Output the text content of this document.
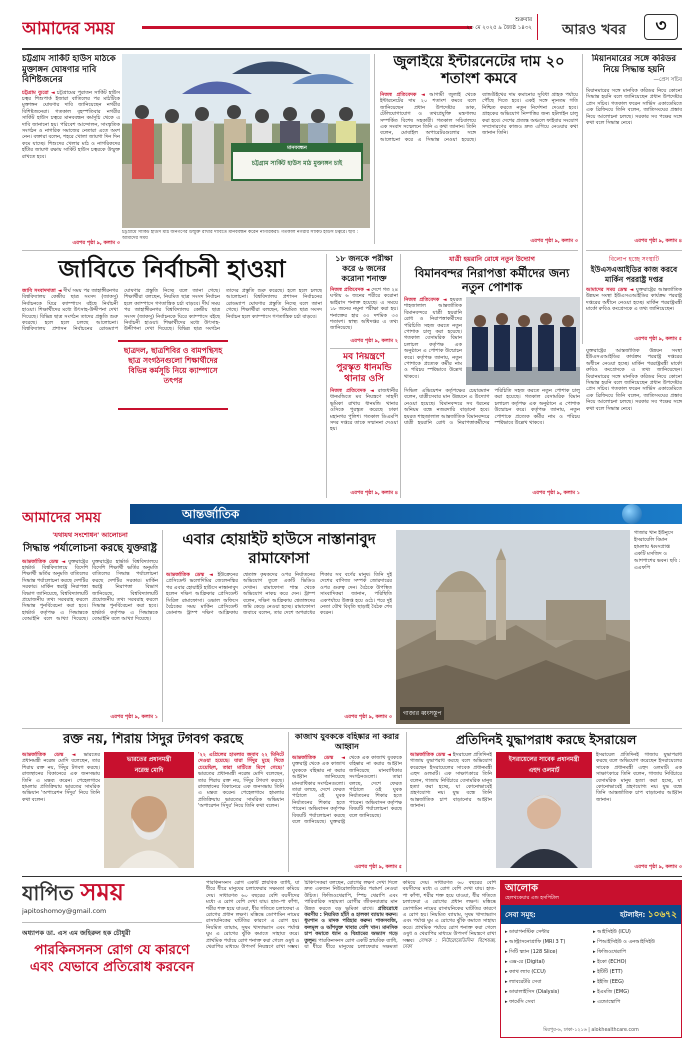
আমাদের সময়	শুক্রবার
২৩ মে ২০২৫ ৯ জ্যৈষ্ঠ ১৪৩২ আরও খবর	৩
চট্টগ্রাম সার্কিট হাউস মাঠকে মুক্তাঙ্গন ঘোষণার দাবি বিশিষ্টজনের
চট্টগ্রাম ব্যুরো ◄ চট্টগ্রামের পুরাতন সার্কিট হাউস চত্বর শিশুপার্ক ইজারা বাতিলের পর মাঠটিকে মুক্তাঙ্গন ঘোষণার দাবি জানিয়েছেন নগরীর বিশিষ্টজনেরা। গতকাল বৃহস্পতিবার নগরীর সার্কিট হাউস চত্বরে মানববন্ধন কর্মসূচি থেকে এ দাবি জানানো হয়। পরিবেশ আন্দোলন, সাংস্কৃতিক সংগঠন ও নাগরিক সমাজের নেতারা এতে অংশ নেন। বক্তারা বলেন, শহরে খোলা জায়গা দিন দিন কমে যাচ্ছে। শিশুদের খেলার মাঠ ও নাগরিকদের হাঁটার জায়গা রক্ষায় সার্কিট হাউস চত্বরকে উন্মুক্ত রাখতে হবে।
এরপর পৃষ্ঠা ৯, কলাম ৩
মানববন্ধন
চট্টগ্রাম সার্কিট হাউস মাঠ মুক্তাঙ্গন চাই
চট্টগ্রামে সার্কিট হাউস মাঠ জনগণের উন্মুক্ত রাখার দাবিতে মানববন্ধন করেন নাগরিকরা। গতকাল নগরীর সার্কিট হাউস চত্বরে। ছবি : আমাদের সময়
জুলাইয়ে ইন্টারনেটের দাম ২০ শতাংশ কমবে
নিজস্ব প্রতিবেদক ◄ আগামী জুলাই থেকে ইন্টারনেটের দাম ২০ শতাংশ কমবে বলে জানিয়েছেন প্রধান উপদেষ্টার ডাক, টেলিযোগাযোগ ও তথ্যপ্রযুক্তি মন্ত্রণালয় সম্পর্কিত বিশেষ সহকারী। গতকাল সচিবালয়ে এক সংবাদ সম্মেলনে তিনি এ কথা জানান। তিনি বলেন, মোবাইল অপারেটরগুলোর সঙ্গে আলোচনা করে এ সিদ্ধান্ত নেওয়া হয়েছে। ব্যান্ডউইথের দাম কমানোর সুবিধা গ্রাহক পর্যায়ে পৌঁছে দিতে হবে। একই সঙ্গে ন্যূনতম গতি নিশ্চিত করতে নতুন নির্দেশনা দেওয়া হবে। গ্রাহকের অভিযোগ নিষ্পত্তির জন্য হটলাইন চালু করা হবে। দেশের প্রত্যন্ত অঞ্চলে ফাইবার সংযোগ সম্প্রসারণের কাজও দ্রুত এগিয়ে নেওয়ার কথা জানান তিনি।
এরপর পৃষ্ঠা ৯, কলাম ৩
মিয়ানমারের সঙ্গে করিডর নিয়ে সিদ্ধান্ত হয়নি
—প্রেস সচিব
মিয়ানমারের সঙ্গে মানবিক করিডর নিয়ে কোনো সিদ্ধান্ত হয়নি বলে জানিয়েছেন প্রধান উপদেষ্টার প্রেস সচিব। গতকাল ফরেন সার্ভিস একাডেমিতে এক ব্রিফিংয়ে তিনি বলেন, জাতিসংঘের প্রস্তাব নিয়ে আলোচনা চলছে। সরকার সব পক্ষের সঙ্গে কথা বলে সিদ্ধান্ত নেবে।
এরপর পৃষ্ঠা ৯, কলাম ৪
বিলোপ হচ্ছে সংস্থাটি
ইউএসএআইডির কাজ করবে মার্কিন পররাষ্ট্র দপ্তর
আমাদের সময় ডেস্ক ◄ যুক্তরাষ্ট্রের আন্তর্জাতিক উন্নয়ন সংস্থা ইউএসএআইডির কার্যক্রম পররাষ্ট্র দপ্তরের অধীনে নেওয়া হচ্ছে। মার্কিন পররাষ্ট্রমন্ত্রী মার্কো রুবিও কংগ্রেসকে এ তথ্য জানিয়েছেন।
এরপর পৃষ্ঠা ৯, কলাম ৫
জাবিতে নির্বাচনী হাওয়া
জাবি সংবাদদাতা ◄ দীর্ঘ সময় পর জাহাঙ্গীরনগর বিশ্ববিদ্যালয় কেন্দ্রীয় ছাত্র সংসদ (জাকসু) নির্বাচনকে ঘিরে ক্যাম্পাসে বইছে নির্বাচনী হাওয়া। শিক্ষার্থীদের মধ্যে উৎসাহ-উদ্দীপনা দেখা দিয়েছে। বিভিন্ন ছাত্র সংগঠন তাদের প্রস্তুতি শুরু করেছে। হলে হলে চলছে আলোচনা। বিশ্ববিদ্যালয় প্রশাসন নির্বাচনের রোডম্যাপ ঘোষণার প্রস্তুতি নিচ্ছে বলে জানা গেছে। শিক্ষার্থীরা বলছেন, নিয়মিত ছাত্র সংসদ নির্বাচন হলে ক্যাম্পাসে গণতান্ত্রিক চর্চা বাড়বে। দীর্ঘ সময় পর জাহাঙ্গীরনগর বিশ্ববিদ্যালয় কেন্দ্রীয় ছাত্র সংসদ (জাকসু) নির্বাচনকে ঘিরে ক্যাম্পাসে বইছে নির্বাচনী হাওয়া। শিক্ষার্থীদের মধ্যে উৎসাহ-উদ্দীপনা দেখা দিয়েছে। বিভিন্ন ছাত্র সংগঠন তাদের প্রস্তুতি শুরু করেছে। হলে হলে চলছে আলোচনা। বিশ্ববিদ্যালয় প্রশাসন নির্বাচনের রোডম্যাপ ঘোষণার প্রস্তুতি নিচ্ছে বলে জানা গেছে। শিক্ষার্থীরা বলছেন, নিয়মিত ছাত্র সংসদ নির্বাচন হলে ক্যাম্পাসে গণতান্ত্রিক চর্চা বাড়বে।
ছাত্রদল, ছাত্রশিবির ও বামপন্থিসহ ছাত্র সংগঠনগুলো শিক্ষার্থীদের বিভিন্ন কর্মসূচি নিয়ে ক্যাম্পাসে তৎপর
১৮ জনকে পরীক্ষা করে ৬ জনের করোনা শনাক্ত
নিজস্ব প্রতিবেদক ◄ দেশে গত ২৪ ঘণ্টায় ৬ জনের শরীরে করোনা ভাইরাস শনাক্ত হয়েছে। এ সময়ে ১৮ জনের নমুনা পরীক্ষা করা হয়। শনাক্তের হার ৩৩ দশমিক ৩৩ শতাংশ। স্বাস্থ্য অধিদপ্তর এ তথ্য জানিয়েছে।
এরপর পৃষ্ঠা ৯, কলাম ২
যাত্রী হয়রানি রোধে নতুন উদ্যোগ
বিমানবন্দর নিরাপত্তা কর্মীদের জন্য নতুন পোশাক
নিজস্ব প্রতিবেদক ◄ হযরত শাহজালাল আন্তর্জাতিক বিমানবন্দরে যাত্রী হয়রানি রোধ ও নিরাপত্তাকর্মীদের পরিচিতি সহজ করতে নতুন পোশাক চালু করা হয়েছে। গতকাল বেসামরিক বিমান চলাচল কর্তৃপক্ষ এক অনুষ্ঠানে এ পোশাক উন্মোচন করে। কর্তৃপক্ষ জানায়, নতুন পোশাকে প্রত্যেক কর্মীর নাম ও পরিচয় স্পষ্টভাবে উল্লেখ থাকবে।
সিভিল এভিয়েশন কর্তৃপক্ষের চেয়ারম্যান বলেন, যাত্রীসেবার মান উন্নয়নে এ উদ্যোগ নেওয়া হয়েছে। বিমানবন্দরে সব ধরনের অনিয়ম বন্ধে নজরদারি বাড়ানো হবে। হযরত শাহজালাল আন্তর্জাতিক বিমানবন্দরে যাত্রী হয়রানি রোধ ও নিরাপত্তাকর্মীদের পরিচিতি সহজ করতে নতুন পোশাক চালু করা হয়েছে। গতকাল বেসামরিক বিমান চলাচল কর্তৃপক্ষ এক অনুষ্ঠানে এ পোশাক উন্মোচন করে। কর্তৃপক্ষ জানায়, নতুন পোশাকে প্রত্যেক কর্মীর নাম ও পরিচয় স্পষ্টভাবে উল্লেখ থাকবে।
এরপর পৃষ্ঠা ৯, কলাম ১
মব নিয়ন্ত্রণে পুরস্কৃত ধানমন্ডি থানার ওসি
নিজস্ব প্রতিবেদক ◄ রাজধানীর ধানমন্ডিতে মব নিয়ন্ত্রণে সাহসী ভূমিকা রাখায় ধানমন্ডি থানার ওসিকে পুরস্কৃত করেছে ঢাকা মহানগর পুলিশ। গতকাল ডিএমপি সদর দপ্তরে তাকে সম্মাননা দেওয়া হয়।
এরপর পৃষ্ঠা ৯, কলাম ৪
যুক্তরাষ্ট্রের আন্তর্জাতিক উন্নয়ন সংস্থা ইউএসএআইডির কার্যক্রম পররাষ্ট্র দপ্তরের অধীনে নেওয়া হচ্ছে। মার্কিন পররাষ্ট্রমন্ত্রী মার্কো রুবিও কংগ্রেসকে এ তথ্য জানিয়েছেন। মিয়ানমারের সঙ্গে মানবিক করিডর নিয়ে কোনো সিদ্ধান্ত হয়নি বলে জানিয়েছেন প্রধান উপদেষ্টার প্রেস সচিব। গতকাল ফরেন সার্ভিস একাডেমিতে এক ব্রিফিংয়ে তিনি বলেন, জাতিসংঘের প্রস্তাব নিয়ে আলোচনা চলছে। সরকার সব পক্ষের সঙ্গে কথা বলে সিদ্ধান্ত নেবে।
আমাদের সময়	আন্তর্জাতিক
'যথাযথ সংশোধন' আলোচনা
সিদ্ধান্ত পর্যালোচনা করছে যুক্তরাষ্ট্র
আন্তর্জাতিক ডেস্ক ◄ যুক্তরাষ্ট্রের হার্ভার্ড বিশ্ববিদ্যালয়ে বিদেশি শিক্ষার্থী ভর্তির অনুমতি বাতিলের সিদ্ধান্ত পর্যালোচনা করছে দেশটির সরকার। মার্কিন স্বরাষ্ট্র নিরাপত্তা বিভাগ জানিয়েছে, বিশ্ববিদ্যালয়টি প্রয়োজনীয় তথ্য সরবরাহ করলে সিদ্ধান্ত পুনর্বিবেচনা করা হবে। হার্ভার্ড কর্তৃপক্ষ এ সিদ্ধান্তকে বেআইনি বলে আখ্যা দিয়েছে। যুক্তরাষ্ট্রের হার্ভার্ড বিশ্ববিদ্যালয়ে বিদেশি শিক্ষার্থী ভর্তির অনুমতি বাতিলের সিদ্ধান্ত পর্যালোচনা করছে দেশটির সরকার। মার্কিন স্বরাষ্ট্র নিরাপত্তা বিভাগ জানিয়েছে, বিশ্ববিদ্যালয়টি প্রয়োজনীয় তথ্য সরবরাহ করলে সিদ্ধান্ত পুনর্বিবেচনা করা হবে। হার্ভার্ড কর্তৃপক্ষ এ সিদ্ধান্তকে বেআইনি বলে আখ্যা দিয়েছে।
এরপর পৃষ্ঠা ৯, কলাম ১
এবার হোয়াইট হাউসে নাস্তানাবুদ রামাফোসা
আন্তর্জাতিক ডেস্ক ◄ ইউক্রেনের প্রেসিডেন্ট ভলোদিমির জেলেনস্কির পর এবার হোয়াইট হাউসে নাস্তানাবুদ হলেন দক্ষিণ আফ্রিকার প্রেসিডেন্ট সিরিল রামাফোসা। ওভাল অফিসে বৈঠকের সময় মার্কিন প্রেসিডেন্ট ডোনাল্ড ট্রাম্প দক্ষিণ আফ্রিকায় শ্বেতাঙ্গ কৃষকদের ওপর নির্যাতনের অভিযোগ তুলে একটি ভিডিও দেখান। রামাফোসা শান্ত থেকে অভিযোগ নাকচ করে দেন। ট্রাম্প বলেন, দক্ষিণ আফ্রিকায় শ্বেতাঙ্গদের জমি কেড়ে নেওয়া হচ্ছে। রামাফোসা জবাবে বলেন, তার দেশে অপরাধের শিকার সব বর্ণের মানুষ। তিনি দুই দেশের বাণিজ্য সম্পর্ক জোরদারের ওপর গুরুত্ব দেন। বৈঠকে উপস্থিত সাংবাদিকরা জানান, পরিস্থিতি একপর্যায়ে উত্তপ্ত হয়ে ওঠে। পরে দুই নেতা যৌথ বিবৃতি ছাড়াই বৈঠক শেষ করেন।
এরপর পৃষ্ঠা ৯, কলাম ৩	গাজার ধ্বংসস্তূপ
গাজার খান ইউনুসে ইসরায়েলি বিমান হামলায় ধ্বংসপ্রাপ্ত একটি মসজিদ ও আশপাশের ভবন। ছবি : এএফপি
রক্ত নয়, শিরায় সিঁদুর টগবগ করছে
আন্তর্জাতিক ডেস্ক ◄ ভারতের প্রধানমন্ত্রী নরেন্দ্র মোদি বলেছেন, তার শিরায় রক্ত নয়, সিঁদুর টগবগ করছে। রাজস্থানের বিকানেরে এক জনসভায় তিনি এ মন্তব্য করেন। পেহেলগামে হামলার প্রতিক্রিয়ায় ভারতের সামরিক অভিযান 'অপারেশন সিঁদুর' নিয়ে তিনি কথা বলেন।
ভারতের প্রধানমন্ত্রী
নরেন্দ্র মোদি
'২২ এপ্রিলের হামলার জবাব ২২ মিনিটে দেওয়া হয়েছে। যারা সিঁদুর মুছে দিতে চেয়েছিল, তারা মাটিতে মিশে গেছে।' ভারতের প্রধানমন্ত্রী নরেন্দ্র মোদি বলেছেন, তার শিরায় রক্ত নয়, সিঁদুর টগবগ করছে। রাজস্থানের বিকানেরে এক জনসভায় তিনি এ মন্তব্য করেন। পেহেলগামে হামলার প্রতিক্রিয়ায় ভারতের সামরিক অভিযান 'অপারেশন সিঁদুর' নিয়ে তিনি কথা বলেন।
কাজাখ যুবককে বহিষ্কার না করার আহ্বান
আন্তর্জাতিক ডেস্ক ◄ যুক্তরাষ্ট্র থেকে এক কাজাখ যুবককে বহিষ্কার না করার আহ্বান জানিয়েছে মানবাধিকার সংগঠনগুলো। তারা বলছে, দেশে ফেরত পাঠালে ওই যুবক নির্যাতনের শিকার হতে পারেন। অভিবাসন কর্তৃপক্ষ বিষয়টি পর্যালোচনা করছে বলে জানিয়েছে। যুক্তরাষ্ট্র থেকে এক কাজাখ যুবককে বহিষ্কার না করার আহ্বান জানিয়েছে মানবাধিকার সংগঠনগুলো। তারা বলছে, দেশে ফেরত পাঠালে ওই যুবক নির্যাতনের শিকার হতে পারেন। অভিবাসন কর্তৃপক্ষ বিষয়টি পর্যালোচনা করছে বলে জানিয়েছে।
এরপর পৃষ্ঠা ৯, কলাম ৫
প্রতিদিনই যুদ্ধাপরাধ করছে ইসরায়েল
আন্তর্জাতিক ডেস্ক ◄ ইসরায়েল প্রতিদিনই গাজায় যুদ্ধাপরাধ করছে বলে অভিযোগ করেছেন ইসরায়েলের সাবেক প্রধানমন্ত্রী এহুদ ওলমার্ট। এক সাক্ষাৎকারে তিনি বলেন, গাজায় নির্বিচারে বেসামরিক মানুষ হত্যা করা হচ্ছে, যা কোনোভাবেই গ্রহণযোগ্য নয়। যুদ্ধ বন্ধে তিনি আন্তর্জাতিক চাপ বাড়ানোর আহ্বান জানান।
ইসরায়েলের সাবেক প্রধানমন্ত্রী
এহুদ ওলমার্ট
ইসরায়েল প্রতিদিনই গাজায় যুদ্ধাপরাধ করছে বলে অভিযোগ করেছেন ইসরায়েলের সাবেক প্রধানমন্ত্রী এহুদ ওলমার্ট। এক সাক্ষাৎকারে তিনি বলেন, গাজায় নির্বিচারে বেসামরিক মানুষ হত্যা করা হচ্ছে, যা কোনোভাবেই গ্রহণযোগ্য নয়। যুদ্ধ বন্ধে তিনি আন্তর্জাতিক চাপ বাড়ানোর আহ্বান জানান।
এরপর পৃষ্ঠা ৯, কলাম ৩
যাপিত সময়
japitoshomoy@gmail.com
অধ্যাপক ডা. এস এম জহিরুল হক চৌধুরী
পারকিনসনস রোগ যে কারণে এবং যেভাবে প্রতিরোধ করবেন
পারকিনসনস রোগ একটি স্নায়বিক ব্যাধি, যা ধীরে ধীরে মানুষের চলাফেরার সক্ষমতা কমিয়ে দেয়। সাধারণত ৬০ বছরের বেশি বয়সীদের মধ্যে এ রোগ বেশি দেখা যায়। হাত-পা কাঁপা, শরীর শক্ত হয়ে যাওয়া, ধীর গতিতে চলাফেরা এ রোগের প্রধান লক্ষণ। মস্তিষ্কে ডোপামিন নামের রাসায়নিকের ঘাটতির কারণে এ রোগ হয়। নিয়মিত ব্যায়াম, সুষম খাদ্যাভ্যাস এবং পর্যাপ্ত ঘুম এ রোগের ঝুঁকি কমাতে সাহায্য করে। প্রাথমিক পর্যায়ে রোগ শনাক্ত করা গেলে ওষুধ ও থেরাপির মাধ্যমে উপসর্গ নিয়ন্ত্রণে রাখা সম্ভব। চিকিৎসকরা বলছেন, রোগের লক্ষণ দেখা দিলে দ্রুত একজন নিউরোলজিস্টের পরামর্শ নেওয়া উচিত। ফিজিওথেরাপি, স্পিচ থেরাপি এবং পারিবারিক সহায়তা রোগীর জীবনযাত্রার মান উন্নত করতে বড় ভূমিকা রাখে। প্রতিরোধে করণীয় : নিয়মিত হাঁটা ও হালকা ব্যায়াম করুন। ধূমপান ও মাদক পরিহার করুন। শাকসবজি, ফলমূল ও আঁশযুক্ত খাবার বেশি খান। মানসিক চাপ কমাতে ধ্যান ও বিশ্রামের অভ্যাস গড়ে তুলুন। পারকিনসনস রোগ একটি স্নায়বিক ব্যাধি, যা ধীরে ধীরে মানুষের চলাফেরার সক্ষমতা কমিয়ে দেয়। সাধারণত ৬০ বছরের বেশি বয়সীদের মধ্যে এ রোগ বেশি দেখা যায়। হাত-পা কাঁপা, শরীর শক্ত হয়ে যাওয়া, ধীর গতিতে চলাফেরা এ রোগের প্রধান লক্ষণ। মস্তিষ্কে ডোপামিন নামের রাসায়নিকের ঘাটতির কারণে এ রোগ হয়। নিয়মিত ব্যায়াম, সুষম খাদ্যাভ্যাস এবং পর্যাপ্ত ঘুম এ রোগের ঝুঁকি কমাতে সাহায্য করে। প্রাথমিক পর্যায়ে রোগ শনাক্ত করা গেলে ওষুধ ও থেরাপির মাধ্যমে উপসর্গ নিয়ন্ত্রণে রাখা সম্ভব। লেখক : নিউরোমেডিসিন বিশেষজ্ঞ, ঢাকা
আলোক
হেলথকেয়ার এন্ড হসপিটাল
সেবা সমূহ:	হটলাইন: ১০৬৭২
▸ ডায়াগনস্টিক সেন্টার
▸ আল্ট্রাসনোগ্রাফি (MRI 3 T)
▸ সিটি স্ক্যান (128 Slice)
▸ এক্স-রে (Digital)
▸ ক্যাথ ল্যাব (CCU)
▸ ল্যাবরেটরি সেবা
▸ ডায়ালাইসিস (Dialysis)
▸ ফার্মেসি সেবা
▸ আইসিইউ (ICU)
▸ পিআইসিইউ ও এনআইসিইউ
▸ ফিজিওথেরাপি
▸ ইকো (ECHO)
▸ ইটিটি (ETT)
▸ ইইজি (EEG)
▸ ইএমজি (EMG)
▸ এন্ডোস্কোপি
মিরপুর-৬, ঢাকা-১২১৬ | alokhealthcare.com
